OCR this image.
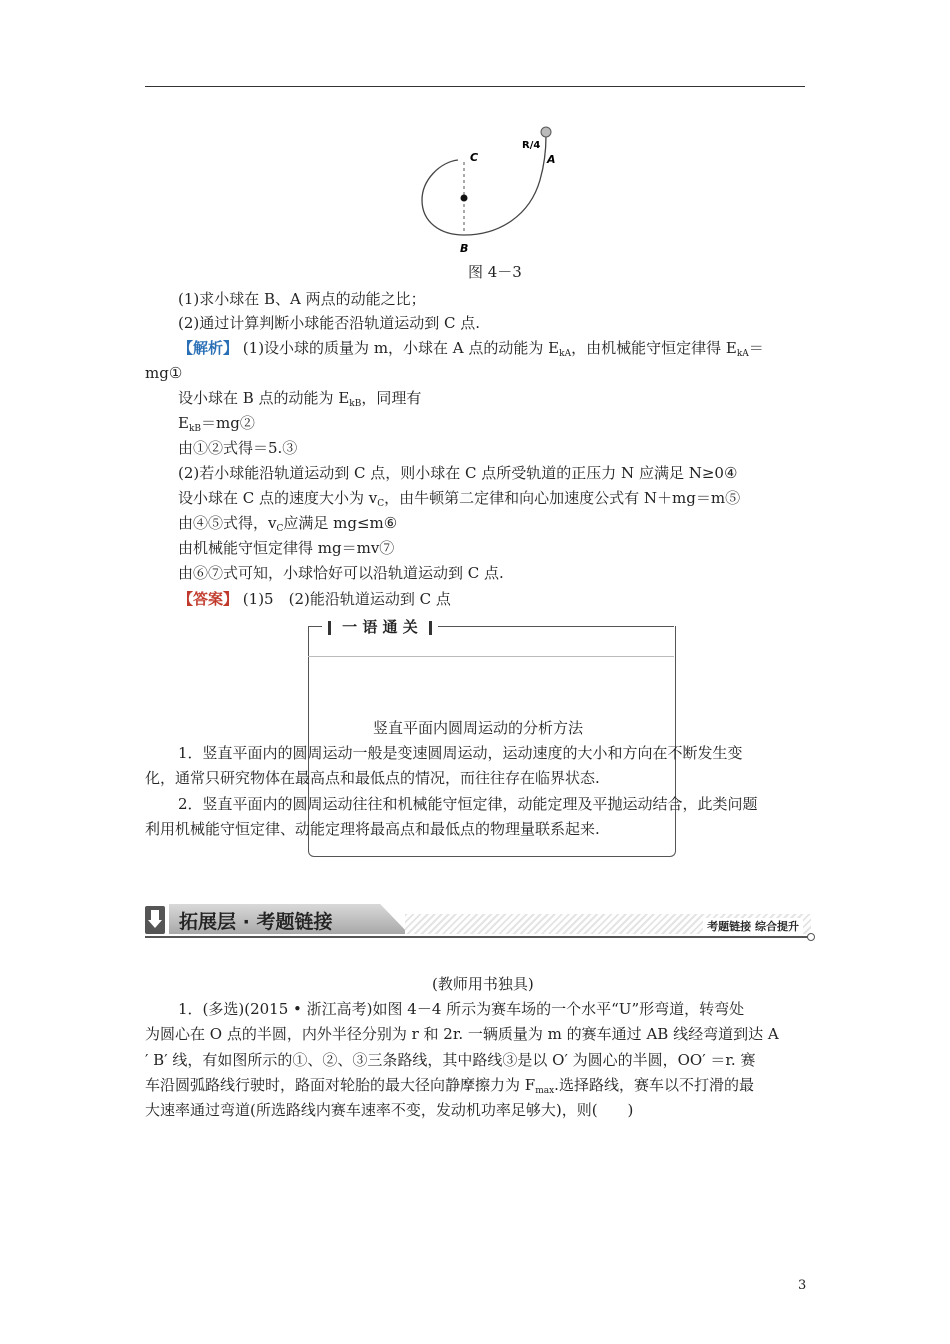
C	A
B
R/4
图 4－3
(1)求小球在 B、A 两点的动能之比；
(2)通过计算判断小球能否沿轨道运动到 C 点.
【解析】 (1)设小球的质量为 m，小球在 A 点的动能为 $E_{kA}$，由机械能守恒定律得 $E_{kA}=$
mg①
设小球在 B 点的动能为 $E_{kB}$，同理有
$E_{kB}=mg②$
由①②式得＝5.③
(2)若小球能沿轨道运动到 C 点，则小球在 C 点所受轨道的正压力 N 应满足 N≥0④
设小球在 C 点的速度大小为 $v_C$，由牛顿第二定律和向心加速度公式有 N＋mg＝m⑤
由④⑤式得，$v_C$应满足 mg≤m⑥
由机械能守恒定律得 mg＝mv⑦
由⑥⑦式可知，小球恰好可以沿轨道运动到 C 点.
【答案】 (1)5　(2)能沿轨道运动到 C 点
一 语 通 关
竖直平面内圆周运动的分析方法
1．竖直平面内的圆周运动一般是变速圆周运动，运动速度的大小和方向在不断发生变
化，通常只研究物体在最高点和最低点的情况，而往往存在临界状态.
2．竖直平面内的圆周运动往往和机械能守恒定律，动能定理及平抛运动结合，此类问题
利用机械能守恒定律、动能定理将最高点和最低点的物理量联系起来.
拓展层 · 考题链接	考题链接 综合提升
(教师用书独具)
1．(多选)(2015 • 浙江高考)如图 4－4 所示为赛车场的一个水平“U”形弯道，转弯处
为圆心在 O 点的半圆，内外半径分别为 r 和 2r. 一辆质量为 m 的赛车通过 AB 线经弯道到达 A
′ B′ 线，有如图所示的①、②、③三条路线，其中路线③是以 O′ 为圆心的半圆，OO′ ＝r. 赛
车沿圆弧路线行驶时，路面对轮胎的最大径向静摩擦力为 $F_{max}$.选择路线，赛车以不打滑的最
大速率通过弯道(所选路线内赛车速率不变，发动机功率足够大)，则(　　)
3
